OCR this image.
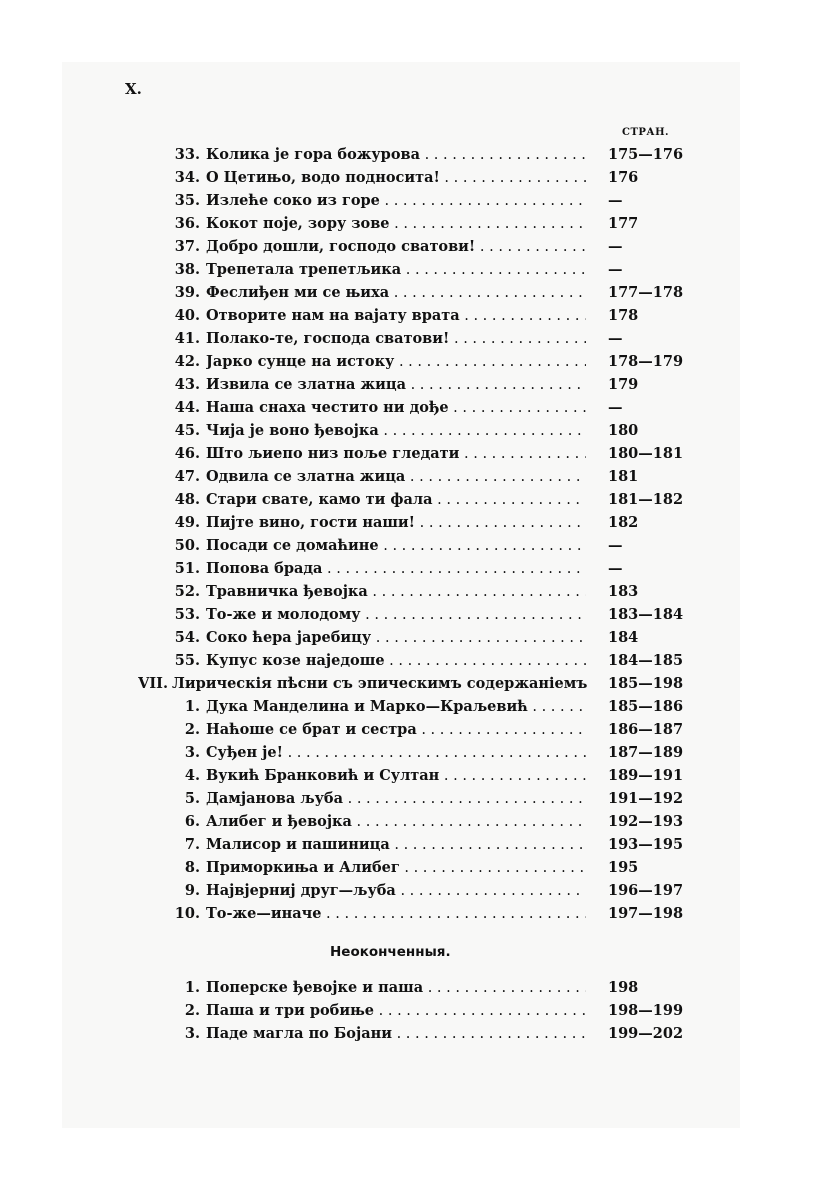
X.
СТРАН.
33. Колика је гора божурова . . .	175—176
34. О Цетињо, водо подносита! . . .	176
35. Излеће соко из горе . . .	—
36. Кокот поје, зору зове . . .	177
37. Добро дошли, господо сватови! . . .	—
38. Трепетала трепетљика . . .	—
39. Феслиђен ми се њиха . . .	177—178
40. Отворите нам на вајату врата . . .	178
41. Полако-те, господа сватови! . . .	—
42. Јарко сунце на истоку . . .	178—179
43. Извила се златна жица . . .	179
44. Наша снаха честито ни дође . . .	—
45. Чија је воно ђевојка . . .	180
46. Што љиепо низ поље гледати . . .	180—181
47. Одвила се златна жица . . .	181
48. Стари свате, камо ти фала . . .	181—182
49. Пијте вино, гости наши! . . .	182
50. Посади се домаћине . . .	—
51. Попова брада . . .	—
52. Травничка ђевојка . . .	183
53. То-же и молодому . . .	183—184
54. Соко ћера јаребицу . . .	184
55. Купус козе наједоше . . .	184—185
VII. Лирическія пѣсни съ эпическимъ содержаніемъ . . . 185—198
1. Дука Манделина и Марко—Краљевић . . .	185—186
2. Наћоше се брат и сестра . . .	186—187
3. Суђен је! . . .	187—189
4. Вукић Бранковић и Султан . . .	189—191
5. Дамјанова љуба . . .	191—192
6. Алибег и ђевојка . . .	192—193
7. Малисор и пашиница . . .	193—195
8. Приморкиња и Алибег . . .	195
9. Највјерниј друг—љуба . . .	196—197
10. То-же—иначе . . .	197—198
Неоконченныя.
1. Поперске ђевојке и паша . . .	198
2. Паша и три робиње . . .	198—199
3. Паде магла по Бојани . . .	199—202
